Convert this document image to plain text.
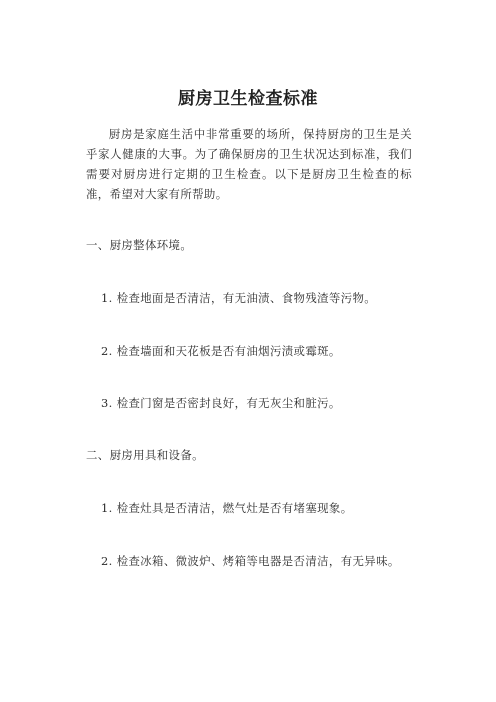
厨房卫生检查标准
厨房是家庭生活中非常重要的场所，保持厨房的卫生是关乎家人健康的大事。为了确保厨房的卫生状况达到标准，我们需要对厨房进行定期的卫生检查。以下是厨房卫生检查的标准，希望对大家有所帮助。
一、厨房整体环境。
1. 检查地面是否清洁，有无油渍、食物残渣等污物。
2. 检查墙面和天花板是否有油烟污渍或霉斑。
3. 检查门窗是否密封良好，有无灰尘和脏污。
二、厨房用具和设备。
1. 检查灶具是否清洁，燃气灶是否有堵塞现象。
2. 检查冰箱、微波炉、烤箱等电器是否清洁，有无异味。
